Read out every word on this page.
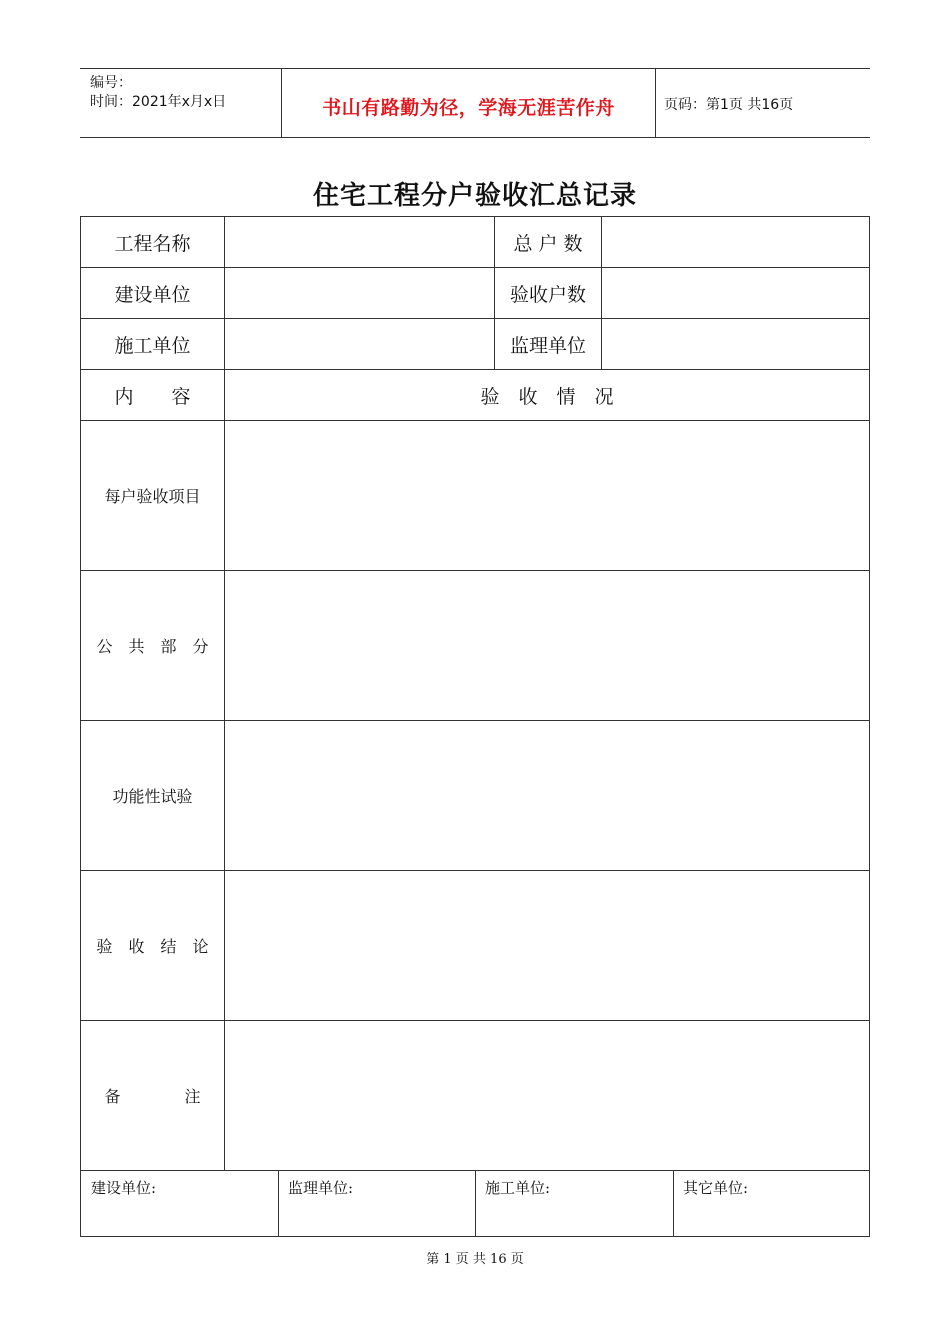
编号：
时间：2021年x月x日	书山有路勤为径，学海无涯苦作舟	页码：第1页 共16页
住宅工程分户验收汇总记录
工程名称	总 户 数
建设单位	验收户数
施工单位	监理单位
内　　容	验　收　情　况
每户验收项目
公　共　部　分
功能性试验
验　收　结　论
备　　　　注
建设单位:	监理单位:	施工单位:	其它单位:
第 1 页 共 16 页
